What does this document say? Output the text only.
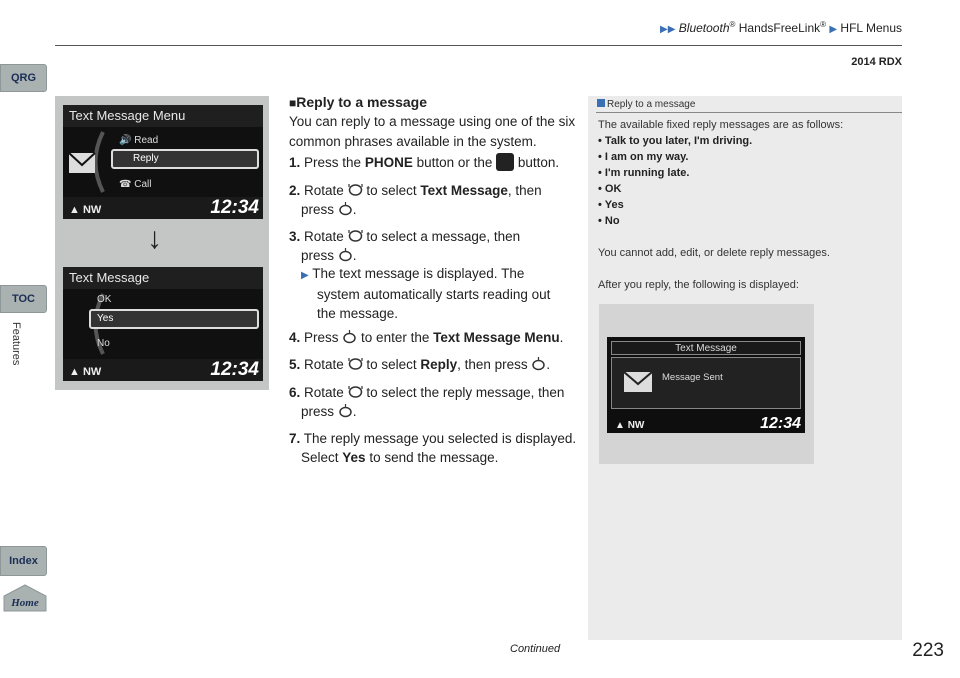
▶▶ Bluetooth® HandsFreeLink® ▶ HFL Menus
2014 RDX
QRG
TOC
Features
Index
Home
Text Message Menu
🔊 Read
Reply
☎ Call
▲ NW	12:34
↓
Text Message
OK
Yes
No
▲ NW	12:34
■Reply to a message
You can reply to a message using one of the six common phrases available in the system.
1. Press the PHONE button or the  button.
2. Rotate  to select Text Message, then
press .
3. Rotate  to select a message, then
press .
▶ The text message is displayed. The
system automatically starts reading out
the message.
4. Press  to enter the Text Message Menu.
5. Rotate  to select Reply, then press .
6. Rotate  to select the reply message, then
press .
7. The reply message you selected is displayed.
Select Yes to send the message.
Reply to a message
The available fixed reply messages are as follows:
• Talk to you later, I'm driving.
• I am on my way.
• I'm running late.
• OK
• Yes
• No
You cannot add, edit, or delete reply messages.
After you reply, the following is displayed:
Text Message
Message Sent
▲ NW	12:34
Continued	223
